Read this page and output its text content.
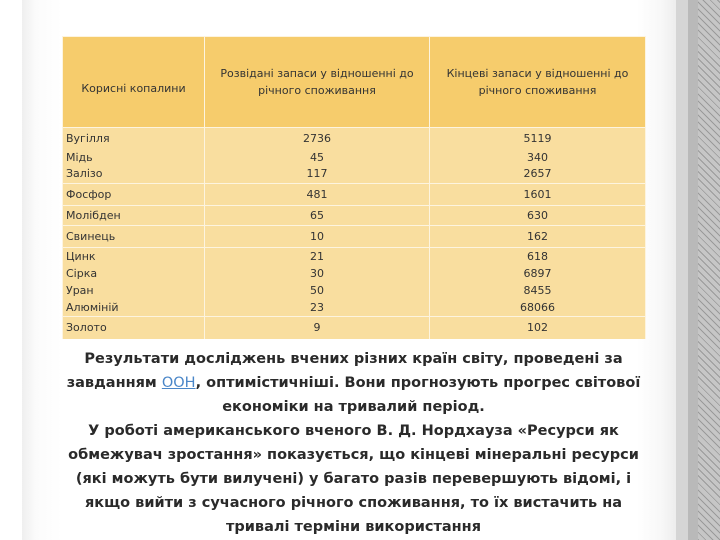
Корисні копалини	Розвідані запаси у відношенні до річного споживання	Кінцеві запаси у відношенні до річного споживання
Вугілля	2736	5119
Мідь	45	340
Залізо	117	2657
Фосфор	481	1601
Молібден	65	630
Свинець	10	162
Цинк	21	618
Сірка	30	6897
Уран	50	8455
Алюміній	23	68066
Золото	9	102

Результати досліджень вчених різних країн світу, проведені за завданням ООН, оптимістичніші. Вони прогнозують прогрес світової економіки на тривалий період.

У роботі американського вченого В. Д. Нордхауза «Ресурси як обмежувач зростання» показується, що кінцеві мінеральні ресурси (які можуть бути вилучені) у багато разів перевершують відомі, і якщо вийти з сучасного річного споживання, то їх вистачить на тривалі терміни використання
